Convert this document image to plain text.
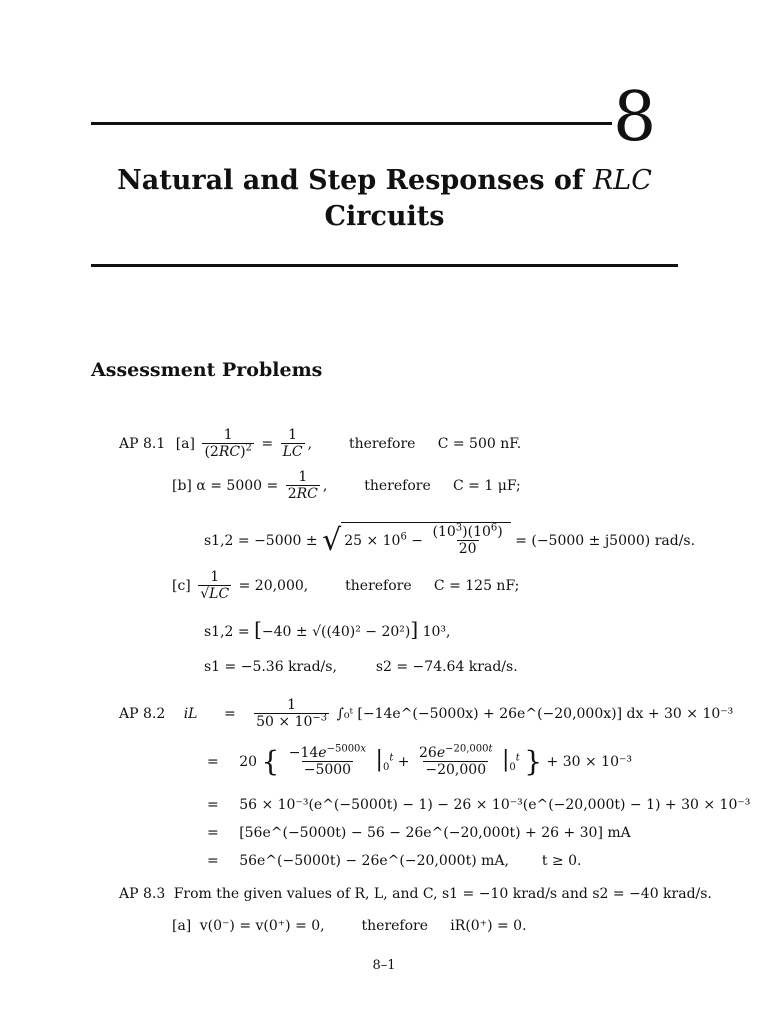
8
Natural and Step Responses of RLC
Circuits
Assessment Problems
AP 8.1 $[a] \frac{1}{(2RC)^2} = \frac{1}{LC}$ ,  therefore C = 500 nF.
[b] $\alpha = 5000 = \frac{1}{2RC}$ ,  therefore C = 1 μF;
s1,2 = −5000 ± √ $25 \times 10^6 - \frac{(10^3)(10^6)}{20} = (-5000 \pm j5000)$ rad/s.
$[c] \frac{1}{√LC} = 20,000$,	therefore C = 125 nF;
s1,2 = [−40 ± √((40)² − 20²)] 10³,
s1 = −5.36 krad/s,	s2 = −74.64 krad/s.
AP 8.2 iL = $\frac{1}{50 \times 10^{-3}}$ ∫₀ᵗ [−14e^(−5000x) + 26e^(−20,000x)] dx + 30 × 10⁻³
= 20 { $\frac{-14e^{-5000x}}{-5000} |_0^t + \frac{26e^{-20,000t}}{-20,000} |_0^t$ } + 30 × 10⁻³
= 56 × 10⁻³(e^(−5000t) − 1) − 26 × 10⁻³(e^(−20,000t) − 1) + 30 × 10⁻³
= [56e^(−5000t) − 56 − 26e^(−20,000t) + 26 + 30] mA
= 56e^(−5000t) − 26e^(−20,000t) mA, t ≥ 0.
AP 8.3 From the given values of R, L, and C, s1 = −10 krad/s and s2 = −40 krad/s.
[a] v(0⁻) = v(0⁺) = 0,	therefore iR(0⁺) = 0.
8–1
